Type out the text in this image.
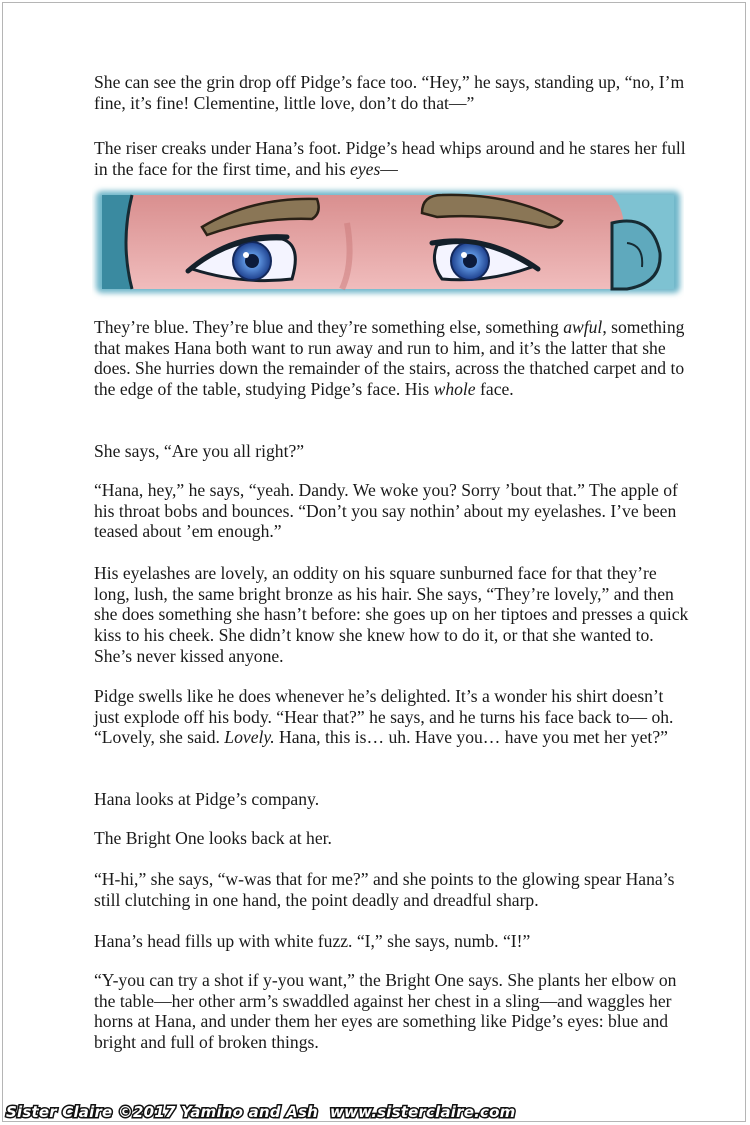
She can see the grin drop off Pidge’s face too. “Hey,” he says, standing up, “no, I’m fine, it’s fine! Clementine, little love, don’t do that—”

The riser creaks under Hana’s foot. Pidge’s head whips around and he stares her full in the face for the first time, and his eyes—

They’re blue. They’re blue and they’re something else, something awful, something that makes Hana both want to run away and run to him, and it’s the latter that she does. She hurries down the remainder of the stairs, across the thatched carpet and to the edge of the table, studying Pidge’s face. His whole face.

She says, “Are you all right?”

“Hana, hey,” he says, “yeah. Dandy. We woke you? Sorry ’bout that.” The apple of his throat bobs and bounces. “Don’t you say nothin’ about my eyelashes. I’ve been teased about ’em enough.”

His eyelashes are lovely, an oddity on his square sunburned face for that they’re long, lush, the same bright bronze as his hair. She says, “They’re lovely,” and then she does something she hasn’t before: she goes up on her tiptoes and presses a quick kiss to his cheek. She didn’t know she knew how to do it, or that she wanted to. She’s never kissed anyone.

Pidge swells like he does whenever he’s delighted. It’s a wonder his shirt doesn’t just explode off his body. “Hear that?” he says, and he turns his face back to— oh. “Lovely, she said. Lovely. Hana, this is… uh. Have you… have you met her yet?”

Hana looks at Pidge’s company.

The Bright One looks back at her.

“H-hi,” she says, “w-was that for me?” and she points to the glowing spear Hana’s still clutching in one hand, the point deadly and dreadful sharp.

Hana’s head fills up with white fuzz. “I,” she says, numb. “I!”

“Y-you can try a shot if y-you want,” the Bright One says. She plants her elbow on the table—her other arm’s swaddled against her chest in a sling—and waggles her horns at Hana, and under them her eyes are something like Pidge’s eyes: blue and bright and full of broken things.

Sister Claire ©2017 Yamino and Ash www.sisterclaire.com
